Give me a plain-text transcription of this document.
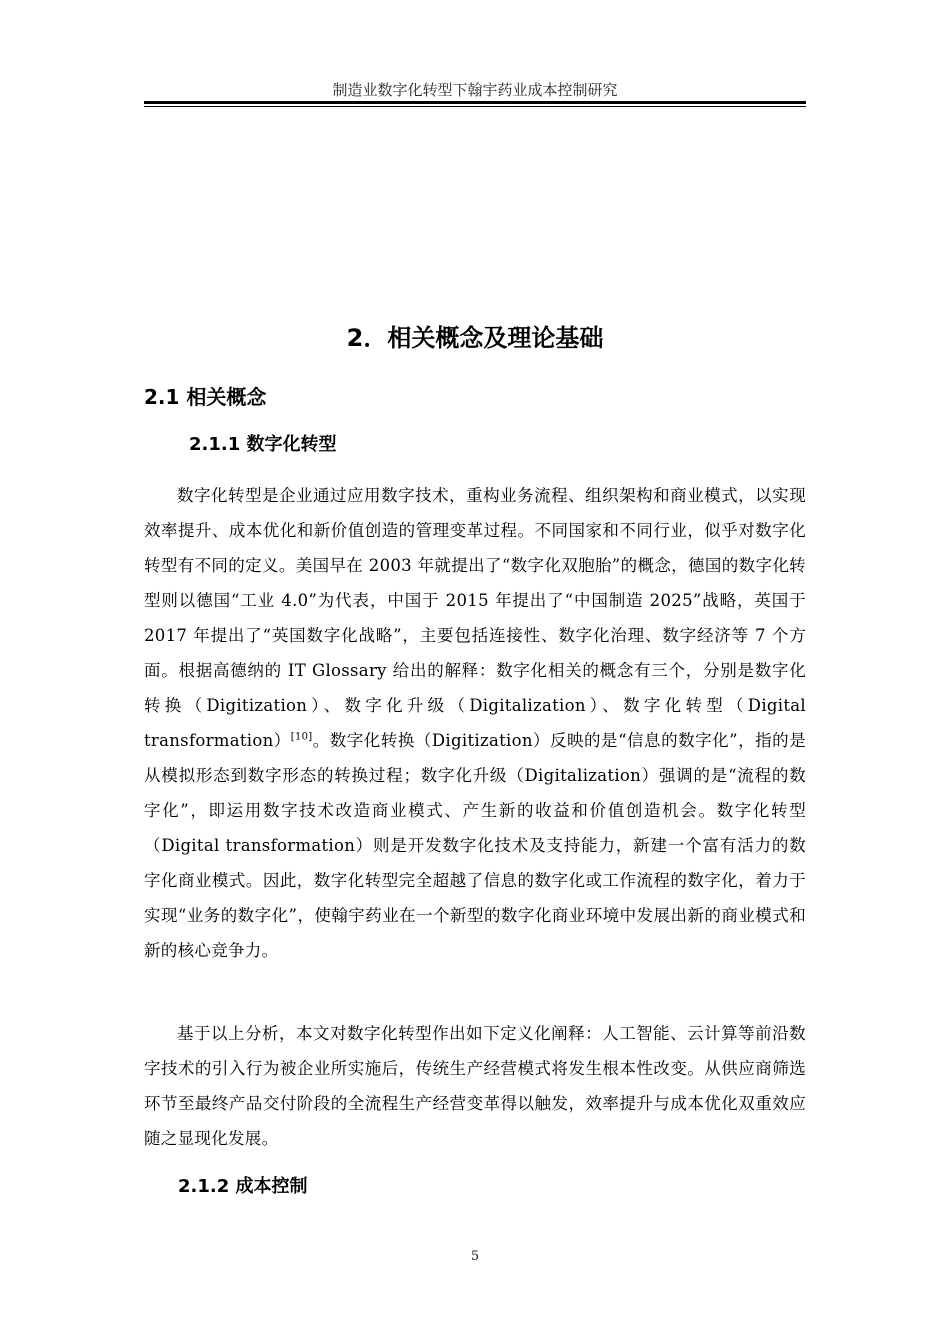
制造业数字化转型下翰宇药业成本控制研究
2．相关概念及理论基础
2.1 相关概念
2.1.1 数字化转型

数字化转型是企业通过应用数字技术，重构业务流程、组织架构和商业模式，以实现效率提升、成本优化和新价值创造的管理变革过程。不同国家和不同行业，似乎对数字化转型有不同的定义。美国早在 2003 年就提出了“数字化双胞胎”的概念，德国的数字化转型则以德国“工业 4.0”为代表，中国于 2015 年提出了“中国制造 2025”战略，英国于 2017 年提出了“英国数字化战略”，主要包括连接性、数字化治理、数字经济等 7 个方面。根据高德纳的 IT Glossary 给出的解释：数字化相关的概念有三个，分别是数字化转换（Digitization）、数字化升级（Digitalization）、数字化转型（Digital transformation）[10]。数字化转换（Digitization）反映的是“信息的数字化”，指的是从模拟形态到数字形态的转换过程；数字化升级（Digitalization）强调的是“流程的数字化”，即运用数字技术改造商业模式、产生新的收益和价值创造机会。数字化转型（Digital transformation）则是开发数字化技术及支持能力，新建一个富有活力的数字化商业模式。因此，数字化转型完全超越了信息的数字化或工作流程的数字化，着力于实现“业务的数字化”，使翰宇药业在一个新型的数字化商业环境中发展出新的商业模式和新的核心竞争力。

基于以上分析，本文对数字化转型作出如下定义化阐释：人工智能、云计算等前沿数字技术的引入行为被企业所实施后，传统生产经营模式将发生根本性改变。从供应商筛选环节至最终产品交付阶段的全流程生产经营变革得以触发，效率提升与成本优化双重效应随之显现化发展。

2.1.2 成本控制
5
